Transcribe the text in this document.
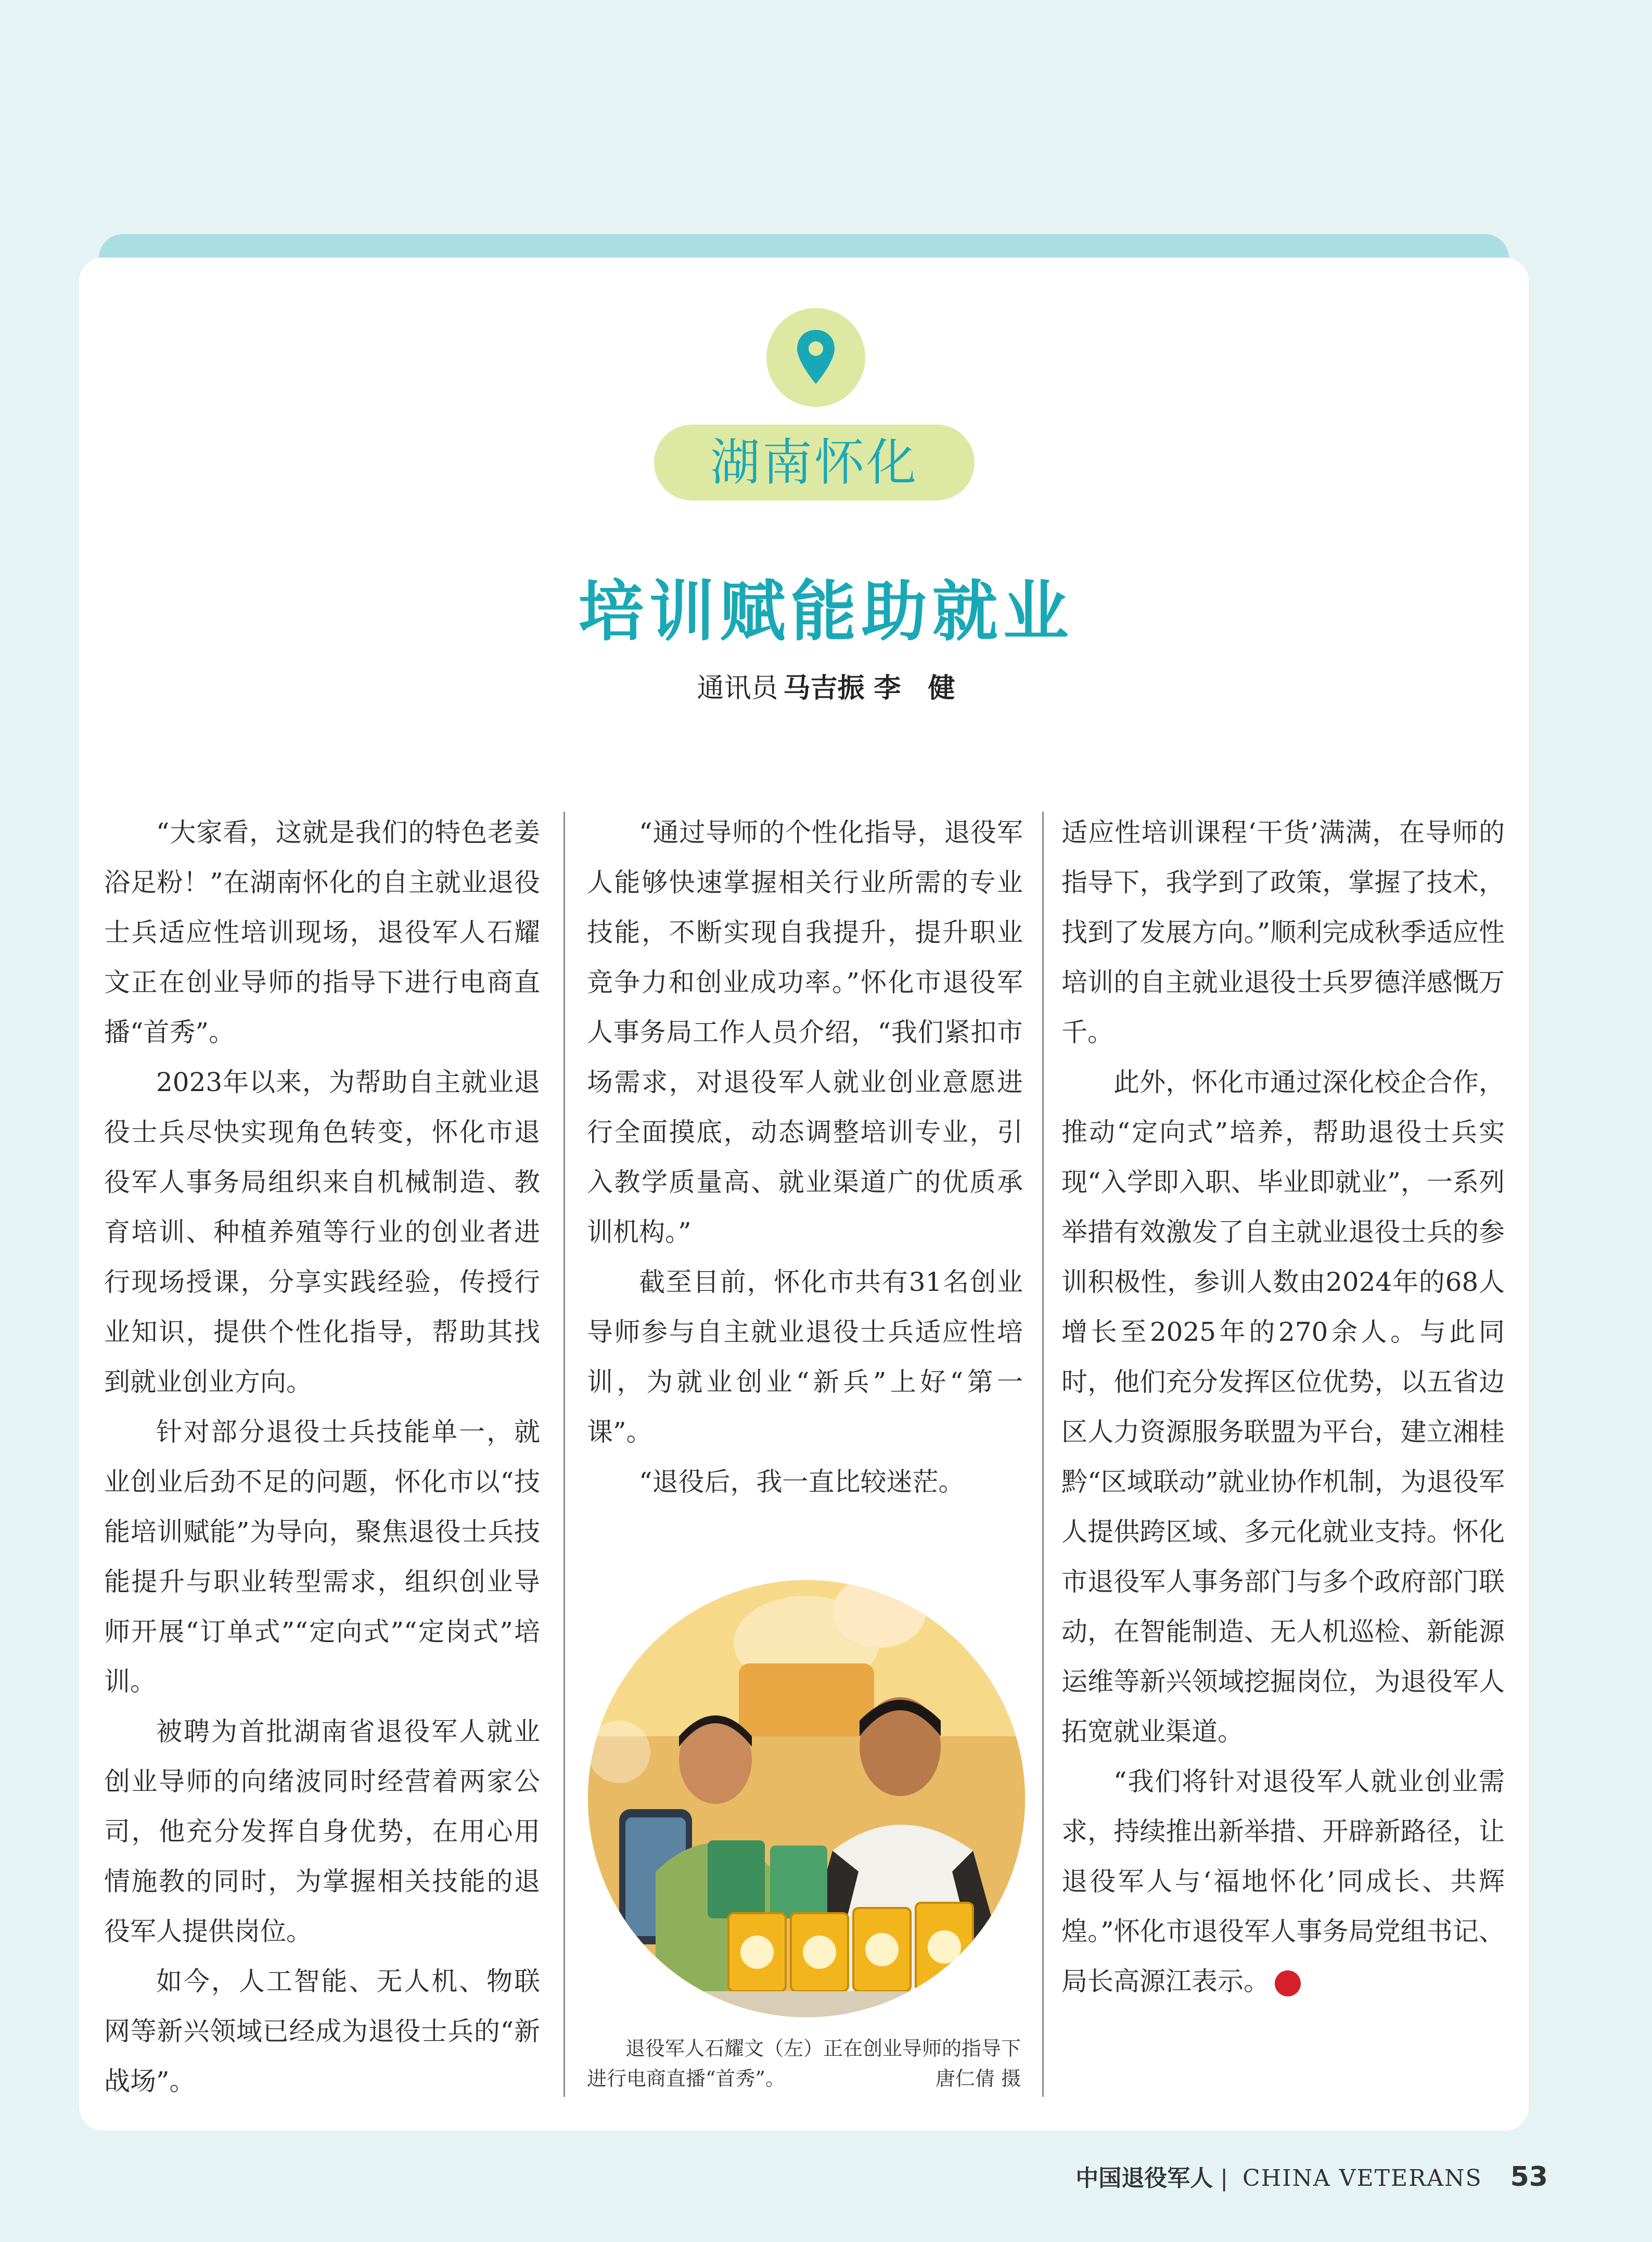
湖南怀化
培训赋能助就业
通讯员 马吉振 李　健

“大家看，这就是我们的特色老姜浴足粉！”在湖南怀化的自主就业退役士兵适应性培训现场，退役军人石耀文正在创业导师的指导下进行电商直播“首秀”。

2023年以来，为帮助自主就业退役士兵尽快实现角色转变，怀化市退役军人事务局组织来自机械制造、教育培训、种植养殖等行业的创业者进行现场授课，分享实践经验，传授行业知识，提供个性化指导，帮助其找到就业创业方向。

针对部分退役士兵技能单一，就业创业后劲不足的问题，怀化市以“技能培训赋能”为导向，聚焦退役士兵技能提升与职业转型需求，组织创业导师开展“订单式”“定向式”“定岗式”培训。

被聘为首批湖南省退役军人就业创业导师的向绪波同时经营着两家公司，他充分发挥自身优势，在用心用情施教的同时，为掌握相关技能的退役军人提供岗位。

如今，人工智能、无人机、物联网等新兴领域已经成为退役士兵的“新战场”。

“通过导师的个性化指导，退役军人能够快速掌握相关行业所需的专业技能，不断实现自我提升，提升职业竞争力和创业成功率。”怀化市退役军人事务局工作人员介绍，“我们紧扣市场需求，对退役军人就业创业意愿进行全面摸底，动态调整培训专业，引入教学质量高、就业渠道广的优质承训机构。”

截至目前，怀化市共有31名创业导师参与自主就业退役士兵适应性培训，为就业创业“新兵”上好“第一课”。

“退役后，我一直比较迷茫。

适应性培训课程‘干货’满满，在导师的指导下，我学到了政策，掌握了技术，找到了发展方向。”顺利完成秋季适应性培训的自主就业退役士兵罗德洋感慨万千。

此外，怀化市通过深化校企合作，推动“定向式”培养，帮助退役士兵实现“入学即入职、毕业即就业”，一系列举措有效激发了自主就业退役士兵的参训积极性，参训人数由2024年的68人增长至2025年的270余人。与此同时，他们充分发挥区位优势，以五省边区人力资源服务联盟为平台，建立湘桂黔“区域联动”就业协作机制，为退役军人提供跨区域、多元化就业支持。怀化市退役军人事务部门与多个政府部门联动，在智能制造、无人机巡检、新能源运维等新兴领域挖掘岗位，为退役军人拓宽就业渠道。

“我们将针对退役军人就业创业需求，持续推出新举措、开辟新路径，让退役军人与‘福地怀化’同成长、共辉煌。”怀化市退役军人事务局党组书记、局长高源江表示。	V

退役军人石耀文（左）正在创业导师的指导下
进行电商直播“首秀”。	唐仁倩 摄
中国退役军人 | CHINA VETERANS 53
